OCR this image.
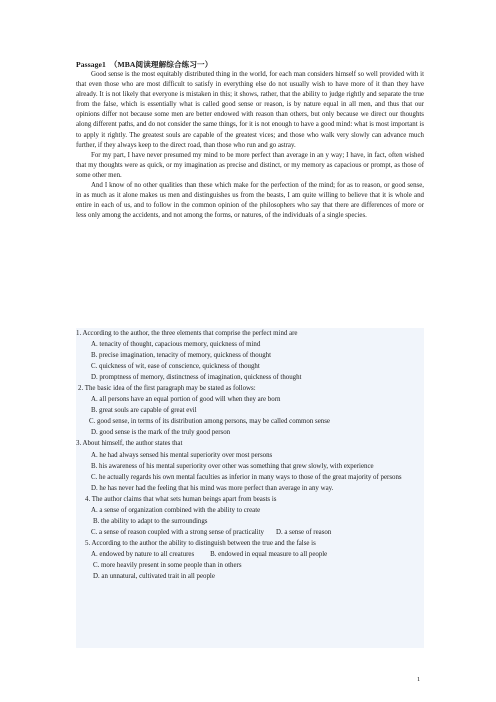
Passage1　（MBA阅读理解综合练习一）

Good sense is the most equitably distributed thing in the world, for each man considers himself so well provided with it that even those who are most difficult to satisfy in everything else do not usually wish to have more of it than they have already. It is not likely that everyone is mistaken in this; it shows, rather, that the ability to judge rightly and separate the true from the false, which is essentially what is called good sense or reason, is by nature equal in all men, and thus that our opinions differ not because some men are better endowed with reason than others, but only because we direct our thoughts along different paths, and do not consider the same things, for it is not enough to have a good mind: what is most important is to apply it rightly. The greatest souls are capable of the greatest vices; and those who walk very slowly can advance much further, if they always keep to the direct road, than those who run and go astray.

For my part, I have never presumed my mind to be more perfect than average in an y way; I have, in fact, often wished that my thoughts were as quick, or my imagination as precise and distinct, or my memory as capacious or prompt, as those of some other men.

And I know of no other qualities than these which make for the perfection of the mind; for as to reason, or good sense, in as much as it alone makes us men and distinguishes us from the beasts, I am quite willing to believe that it is whole and entire in each of us, and to follow in the common opinion of the philosophers who say that there are differences of more or less only among the accidents, and not among the forms, or natures, of the individuals of a single species.

1. According to the author, the three elements that comprise the perfect mind are
A. tenacity of thought, capacious memory, quickness of mind
B. precise imagination, tenacity of memory, quickness of thought
C. quickness of wit, ease of conscience, quickness of thought
D. promptness of memory, distinctness of imagination, quickness of thought
2. The basic idea of the first paragraph may be stated as follows:
A. all persons have an equal portion of good will when they are born
B. great souls are capable of great evil
C. good sense, in terms of its distribution among persons, may be called common sense
D. good sense is the mark of the truly good person
3. About himself, the author states that
A. he had always sensed his mental superiority over most persons
B. his awareness of his mental superiority over other was something that grew slowly, with experience
C. he actually regards his own mental faculties as inferior in many ways to those of the great majority of persons
D. he has never had the feeling that his mind was more perfect than average in any way.
4. The author claims that what sets human beings apart from beasts is
A. a sense of organization combined with the ability to create
B. the ability to adapt to the surroundings
C. a sense of reason coupled with a strong sense of practicality D. a sense of reason
5. According to the author the ability to distinguish between the true and the false is
A. endowed by nature to all creatures B. endowed in equal measure to all people
C. more heavily present in some people than in others
D. an unnatural, cultivated trait in all people
1
